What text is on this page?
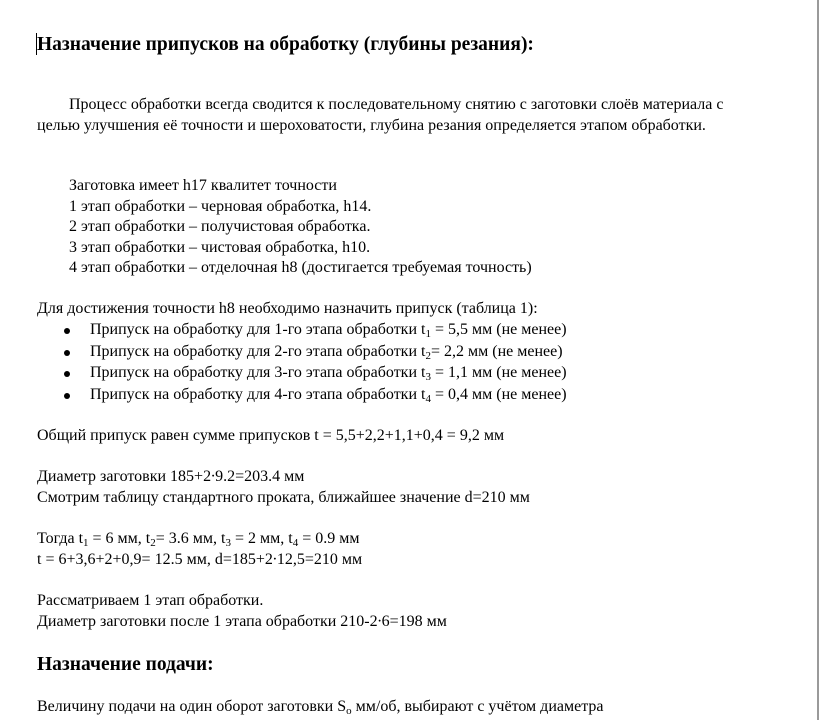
Назначение припусков на обработку (глубины резания):
Процесс обработки всегда сводится к последовательному снятию с заготовки слоёв материала с целью улучшения её точности и шероховатости, глубина резания определяется этапом обработки.
Заготовка имеет h17 квалитет точности
1 этап обработки – черновая обработка, h14.
2 этап обработки – получистовая обработка.
3 этап обработки – чистовая обработка, h10.
4 этап обработки – отделочная h8 (достигается требуемая точность)
Для достижения точности h8 необходимо назначить припуск (таблица 1):
Припуск на обработку для 1-го этапа обработки $t_1 = 5,5$ мм (не менее)
Припуск на обработку для 2-го этапа обработки $t_2= 2,2$ мм (не менее)
Припуск на обработку для 3-го этапа обработки $t_3 = 1,1$ мм (не менее)
Припуск на обработку для 4-го этапа обработки $t_4 = 0,4$ мм (не менее)
Общий припуск равен сумме припусков t = 5,5+2,2+1,1+0,4 = 9,2 мм
Диаметр заготовки 185+2∙9.2=203.4 мм
Смотрим таблицу стандартного проката, ближайшее значение d=210 мм
Тогда $t_1 = 6$ мм, $t_2= 3.6$ мм, $t_3 = 2$ мм, $t_4 = 0.9$ мм
t = 6+3,6+2+0,9= 12.5 мм, d=185+2∙12,5=210 мм
Рассматриваем 1 этап обработки.
Диаметр заготовки после 1 этапа обработки 210-2∙6=198 мм
Назначение подачи:
Величину подачи на один оборот заготовки $S_o$ мм/об, выбирают с учётом диаметра
